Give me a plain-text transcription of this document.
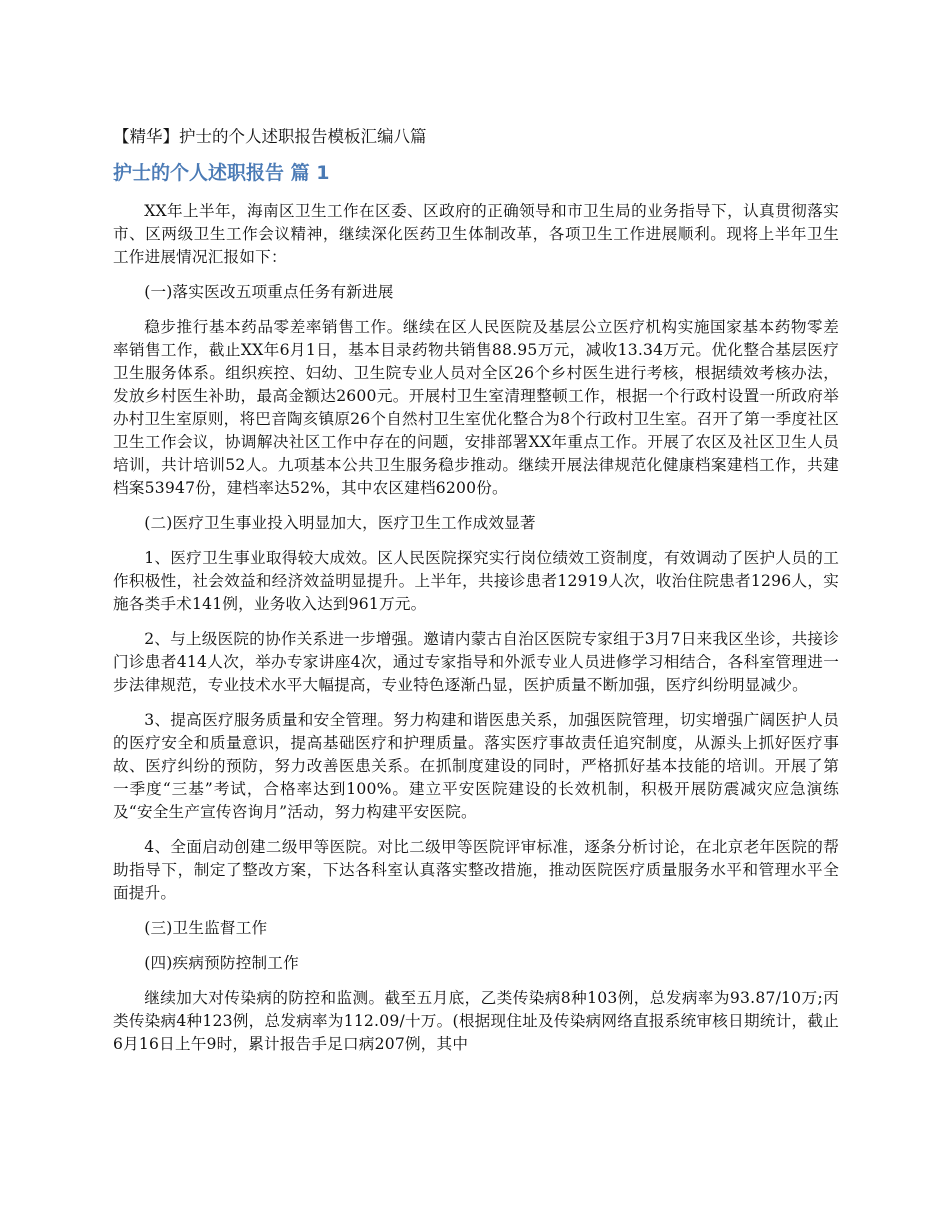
【精华】护士的个人述职报告模板汇编八篇
护士的个人述职报告 篇 1

XX年上半年，海南区卫生工作在区委、区政府的正确领导和市卫生局的业务指导下，认真贯彻落实市、区两级卫生工作会议精神，继续深化医药卫生体制改革，各项卫生工作进展顺利。现将上半年卫生工作进展情况汇报如下：

(一)落实医改五项重点任务有新进展

稳步推行基本药品零差率销售工作。继续在区人民医院及基层公立医疗机构实施国家基本药物零差率销售工作，截止XX年6月1日，基本目录药物共销售88.95万元，减收13.34万元。优化整合基层医疗卫生服务体系。组织疾控、妇幼、卫生院专业人员对全区26个乡村医生进行考核，根据绩效考核办法，发放乡村医生补助，最高金额达2600元。开展村卫生室清理整顿工作，根据一个行政村设置一所政府举办村卫生室原则，将巴音陶亥镇原26个自然村卫生室优化整合为8个行政村卫生室。召开了第一季度社区卫生工作会议，协调解决社区工作中存在的问题，安排部署XX年重点工作。开展了农区及社区卫生人员培训，共计培训52人。九项基本公共卫生服务稳步推动。继续开展法律规范化健康档案建档工作，共建档案53947份，建档率达52%，其中农区建档6200份。

(二)医疗卫生事业投入明显加大，医疗卫生工作成效显著

1、医疗卫生事业取得较大成效。区人民医院探究实行岗位绩效工资制度，有效调动了医护人员的工作积极性，社会效益和经济效益明显提升。上半年，共接诊患者12919人次，收治住院患者1296人，实施各类手术141例，业务收入达到961万元。

2、与上级医院的协作关系进一步增强。邀请内蒙古自治区医院专家组于3月7日来我区坐诊，共接诊门诊患者414人次，举办专家讲座4次，通过专家指导和外派专业人员进修学习相结合，各科室管理进一步法律规范，专业技术水平大幅提高，专业特色逐渐凸显，医护质量不断加强，医疗纠纷明显减少。

3、提高医疗服务质量和安全管理。努力构建和谐医患关系，加强医院管理，切实增强广阔医护人员的医疗安全和质量意识，提高基础医疗和护理质量。落实医疗事故责任追究制度，从源头上抓好医疗事故、医疗纠纷的预防，努力改善医患关系。在抓制度建设的同时，严格抓好基本技能的培训。开展了第一季度“三基”考试，合格率达到100%。建立平安医院建设的长效机制，积极开展防震减灾应急演练及“安全生产宣传咨询月”活动，努力构建平安医院。

4、全面启动创建二级甲等医院。对比二级甲等医院评审标准，逐条分析讨论，在北京老年医院的帮助指导下，制定了整改方案，下达各科室认真落实整改措施，推动医院医疗质量服务水平和管理水平全面提升。

(三)卫生监督工作

(四)疾病预防控制工作

继续加大对传染病的防控和监测。截至五月底，乙类传染病8种103例，总发病率为93.87/10万;丙类传染病4种123例，总发病率为112.09/十万。(根据现住址及传染病网络直报系统审核日期统计，截止6月16日上午9时，累计报告手足口病207例，其中
